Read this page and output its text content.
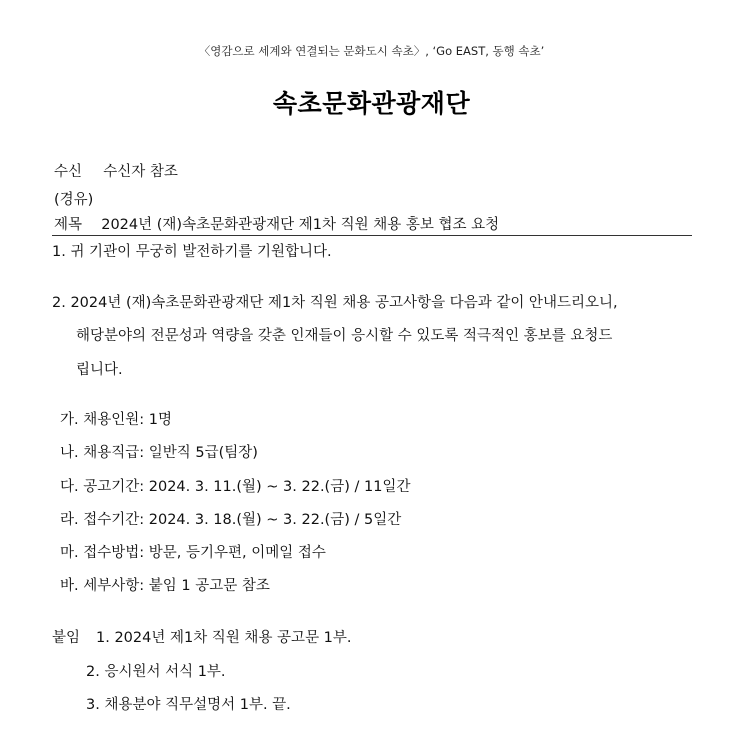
〈영감으로 세계와 연결되는 문화도시 속초〉, ‘Go EAST, 동행 속초’
속초문화관광재단
수신 수신자 참조
(경유)
제목 2024년 (재)속초문화관광재단 제1차 직원 채용 홍보 협조 요청
1. 귀 기관이 무궁히 발전하기를 기원합니다.
2. 2024년 (재)속초문화관광재단 제1차 직원 채용 공고사항을 다음과 같이 안내드리오니,
해당분야의 전문성과 역량을 갖춘 인재들이 응시할 수 있도록 적극적인 홍보를 요청드
립니다.
가. 채용인원: 1명
나. 채용직급: 일반직 5급(팀장)
다. 공고기간: 2024. 3. 11.(월) ~ 3. 22.(금) / 11일간
라. 접수기간: 2024. 3. 18.(월) ~ 3. 22.(금) / 5일간
마. 접수방법: 방문, 등기우편, 이메일 접수
바. 세부사항: 붙임 1 공고문 참조
붙임 1. 2024년 제1차 직원 채용 공고문 1부.
2. 응시원서 서식 1부.
3. 채용분야 직무설명서 1부. 끝.
